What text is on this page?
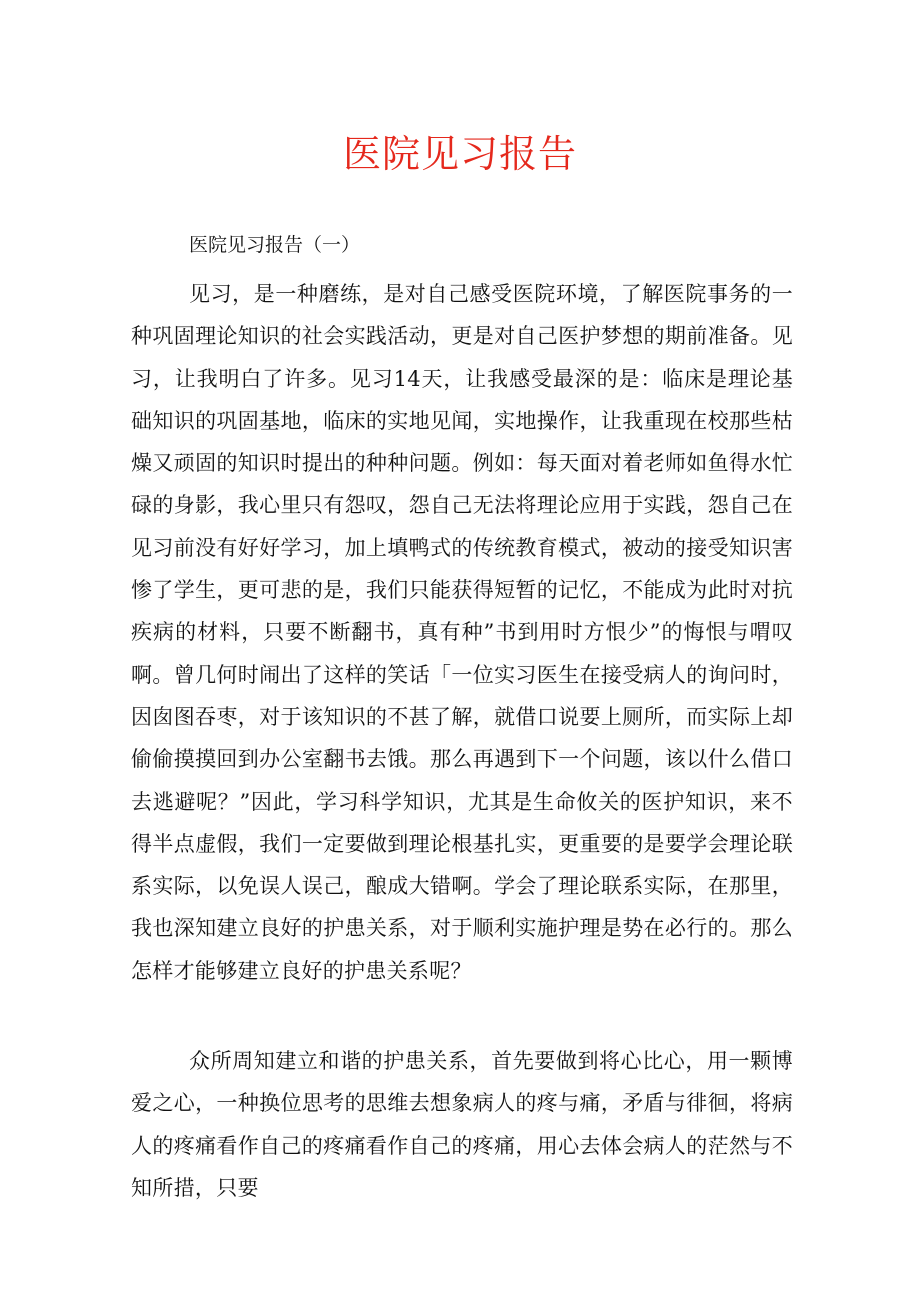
医院见习报告

医院见习报告（一）

见习，是一种磨练，是对自己感受医院环境，了解医院事务的一种巩固理论知识的社会实践活动，更是对自己医护梦想的期前准备。见习，让我明白了许多。见习14天，让我感受最深的是：临床是理论基础知识的巩固基地，临床的实地见闻，实地操作，让我重现在校那些枯燥又顽固的知识时提出的种种问题。例如：每天面对着老师如鱼得水忙碌的身影，我心里只有怨叹，怨自己无法将理论应用于实践，怨自己在见习前没有好好学习，加上填鸭式的传统教育模式，被动的接受知识害惨了学生，更可悲的是，我们只能获得短暂的记忆，不能成为此时对抗疾病的材料，只要不断翻书，真有种”书到用时方恨少”的悔恨与喟叹啊。曾几何时闹出了这样的笑话「一位实习医生在接受病人的询问时，因囱图吞枣，对于该知识的不甚了解，就借口说要上厕所，而实际上却偷偷摸摸回到办公室翻书去饿。那么再遇到下一个问题，该以什么借口去逃避呢？”因此，学习科学知识，尤其是生命攸关的医护知识，来不得半点虚假，我们一定要做到理论根基扎实，更重要的是要学会理论联系实际，以免误人误己，酿成大错啊。学会了理论联系实际，在那里，我也深知建立良好的护患关系，对于顺利实施护理是势在必行的。那么怎样才能够建立良好的护患关系呢？

众所周知建立和谐的护患关系，首先要做到将心比心，用一颗博爱之心，一种换位思考的思维去想象病人的疼与痛，矛盾与徘徊，将病人的疼痛看作自己的疼痛看作自己的疼痛，用心去体会病人的茫然与不知所措，只要
